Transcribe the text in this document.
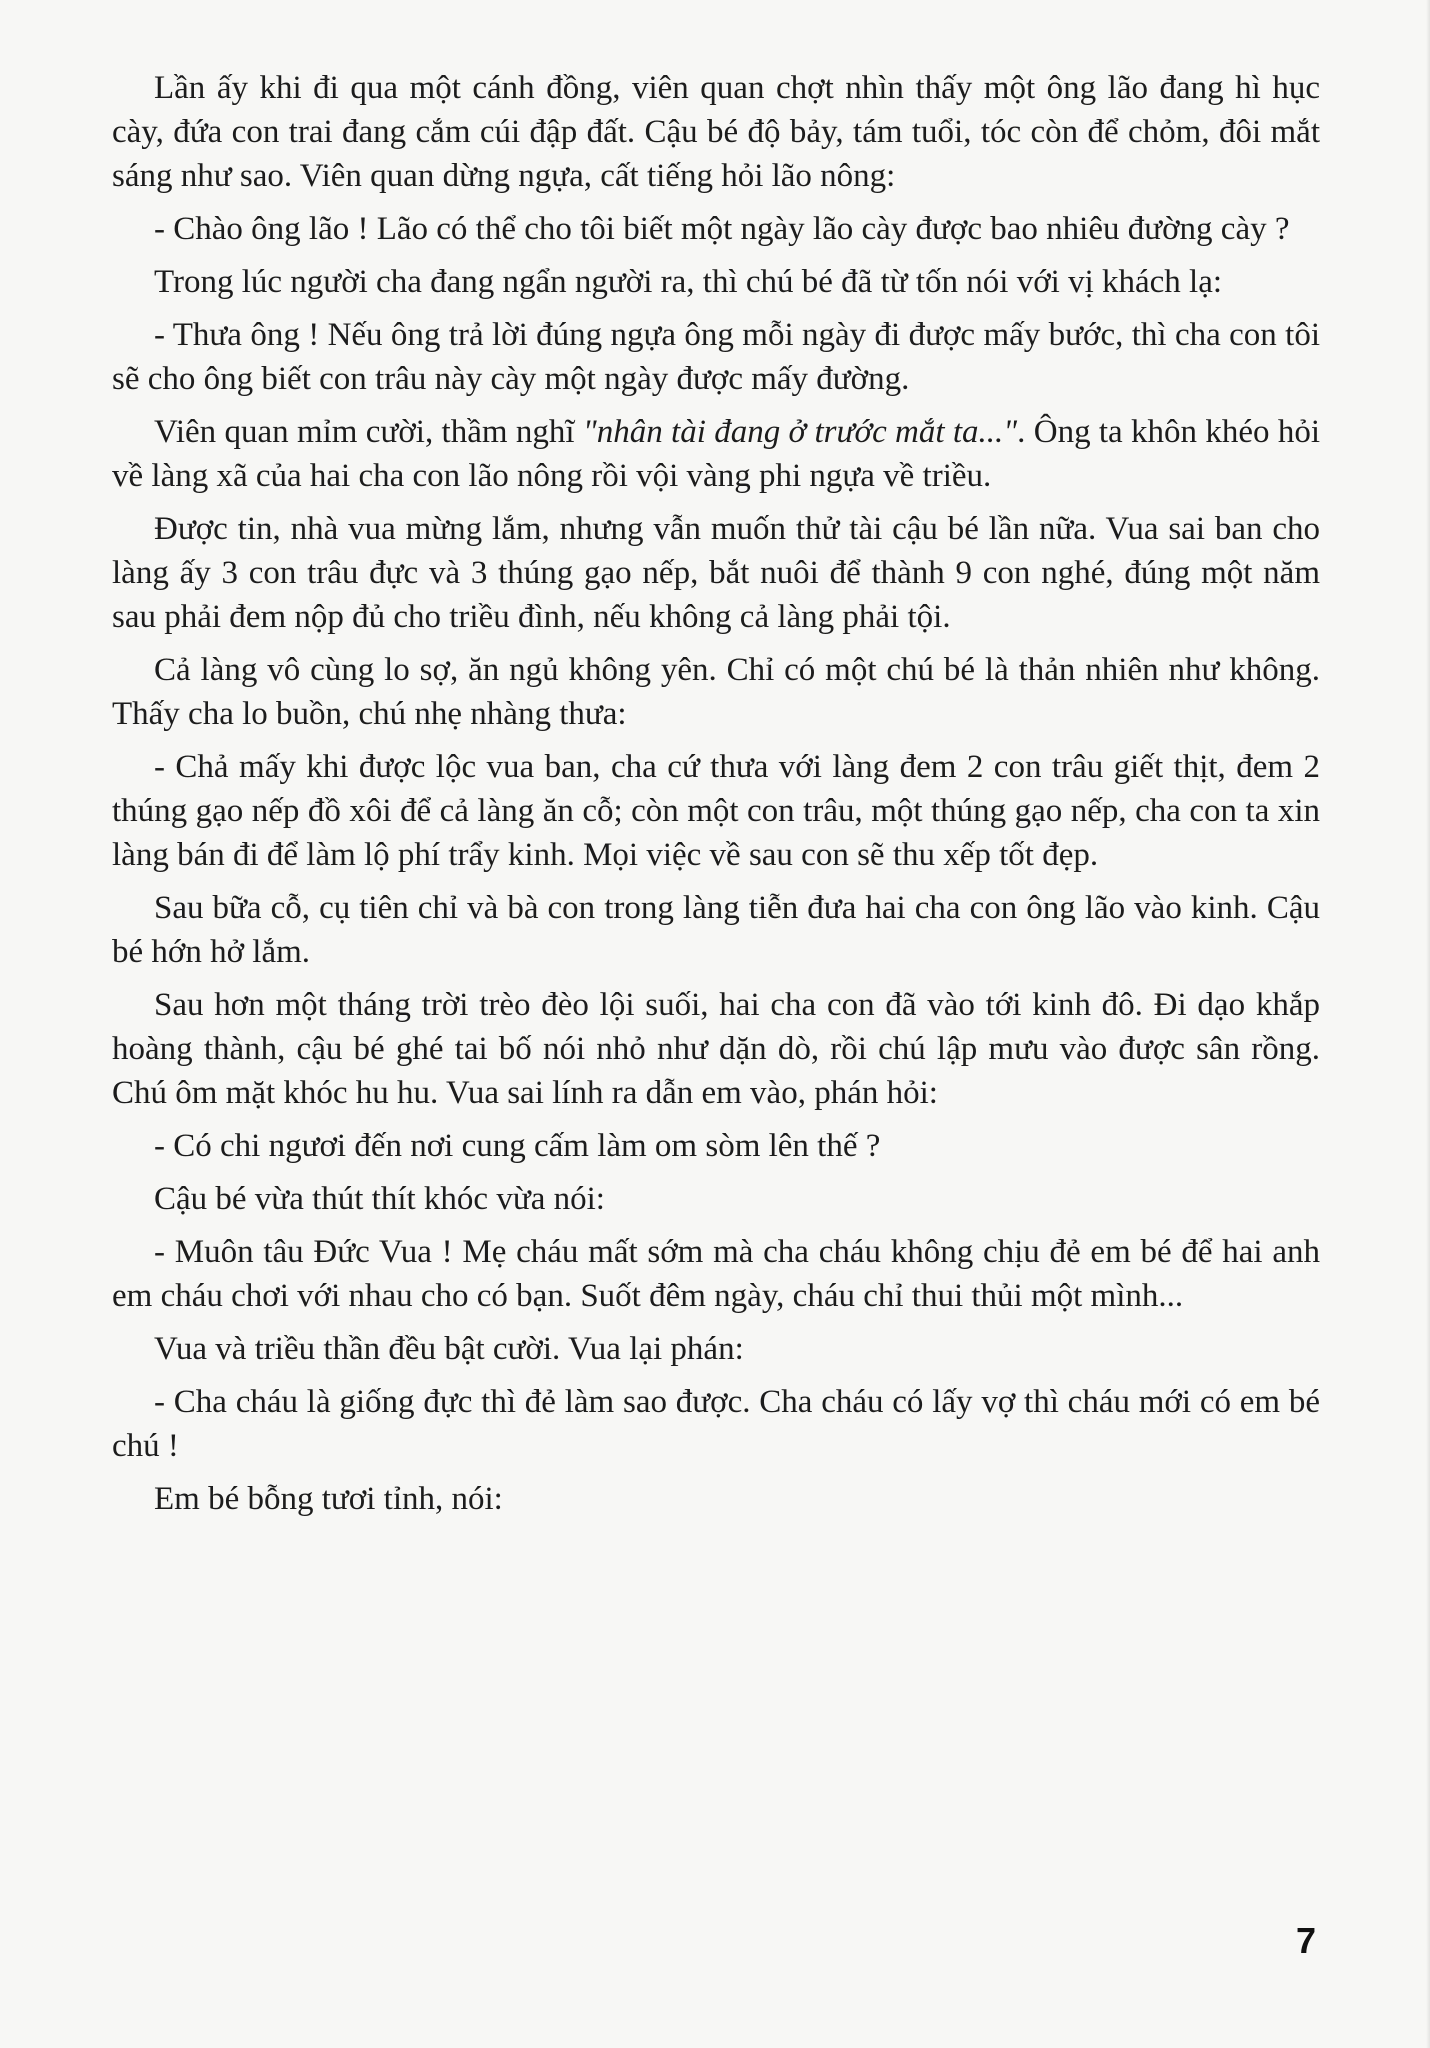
Lần ấy khi đi qua một cánh đồng, viên quan chợt nhìn thấy một ông lão đang hì hục cày, đứa con trai đang cắm cúi đập đất. Cậu bé độ bảy, tám tuổi, tóc còn để chỏm, đôi mắt sáng như sao. Viên quan dừng ngựa, cất tiếng hỏi lão nông:

- Chào ông lão ! Lão có thể cho tôi biết một ngày lão cày được bao nhiêu đường cày ?

Trong lúc người cha đang ngẩn người ra, thì chú bé đã từ tốn nói với vị khách lạ:

- Thưa ông ! Nếu ông trả lời đúng ngựa ông mỗi ngày đi được mấy bước, thì cha con tôi sẽ cho ông biết con trâu này cày một ngày được mấy đường.

Viên quan mỉm cười, thầm nghĩ "nhân tài đang ở trước mắt ta...". Ông ta khôn khéo hỏi về làng xã của hai cha con lão nông rồi vội vàng phi ngựa về triều.

Được tin, nhà vua mừng lắm, nhưng vẫn muốn thử tài cậu bé lần nữa. Vua sai ban cho làng ấy 3 con trâu đực và 3 thúng gạo nếp, bắt nuôi để thành 9 con nghé, đúng một năm sau phải đem nộp đủ cho triều đình, nếu không cả làng phải tội.

Cả làng vô cùng lo sợ, ăn ngủ không yên. Chỉ có một chú bé là thản nhiên như không. Thấy cha lo buồn, chú nhẹ nhàng thưa:

- Chả mấy khi được lộc vua ban, cha cứ thưa với làng đem 2 con trâu giết thịt, đem 2 thúng gạo nếp đồ xôi để cả làng ăn cỗ; còn một con trâu, một thúng gạo nếp, cha con ta xin làng bán đi để làm lộ phí trẩy kinh. Mọi việc về sau con sẽ thu xếp tốt đẹp.

Sau bữa cỗ, cụ tiên chỉ và bà con trong làng tiễn đưa hai cha con ông lão vào kinh. Cậu bé hớn hở lắm.

Sau hơn một tháng trời trèo đèo lội suối, hai cha con đã vào tới kinh đô. Đi dạo khắp hoàng thành, cậu bé ghé tai bố nói nhỏ như dặn dò, rồi chú lập mưu vào được sân rồng. Chú ôm mặt khóc hu hu. Vua sai lính ra dẫn em vào, phán hỏi:

- Có chi ngươi đến nơi cung cấm làm om sòm lên thế ?

Cậu bé vừa thút thít khóc vừa nói:

- Muôn tâu Đức Vua ! Mẹ cháu mất sớm mà cha cháu không chịu đẻ em bé để hai anh em cháu chơi với nhau cho có bạn. Suốt đêm ngày, cháu chỉ thui thủi một mình...

Vua và triều thần đều bật cười. Vua lại phán:

- Cha cháu là giống đực thì đẻ làm sao được. Cha cháu có lấy vợ thì cháu mới có em bé chú !

Em bé bỗng tươi tỉnh, nói:

7
